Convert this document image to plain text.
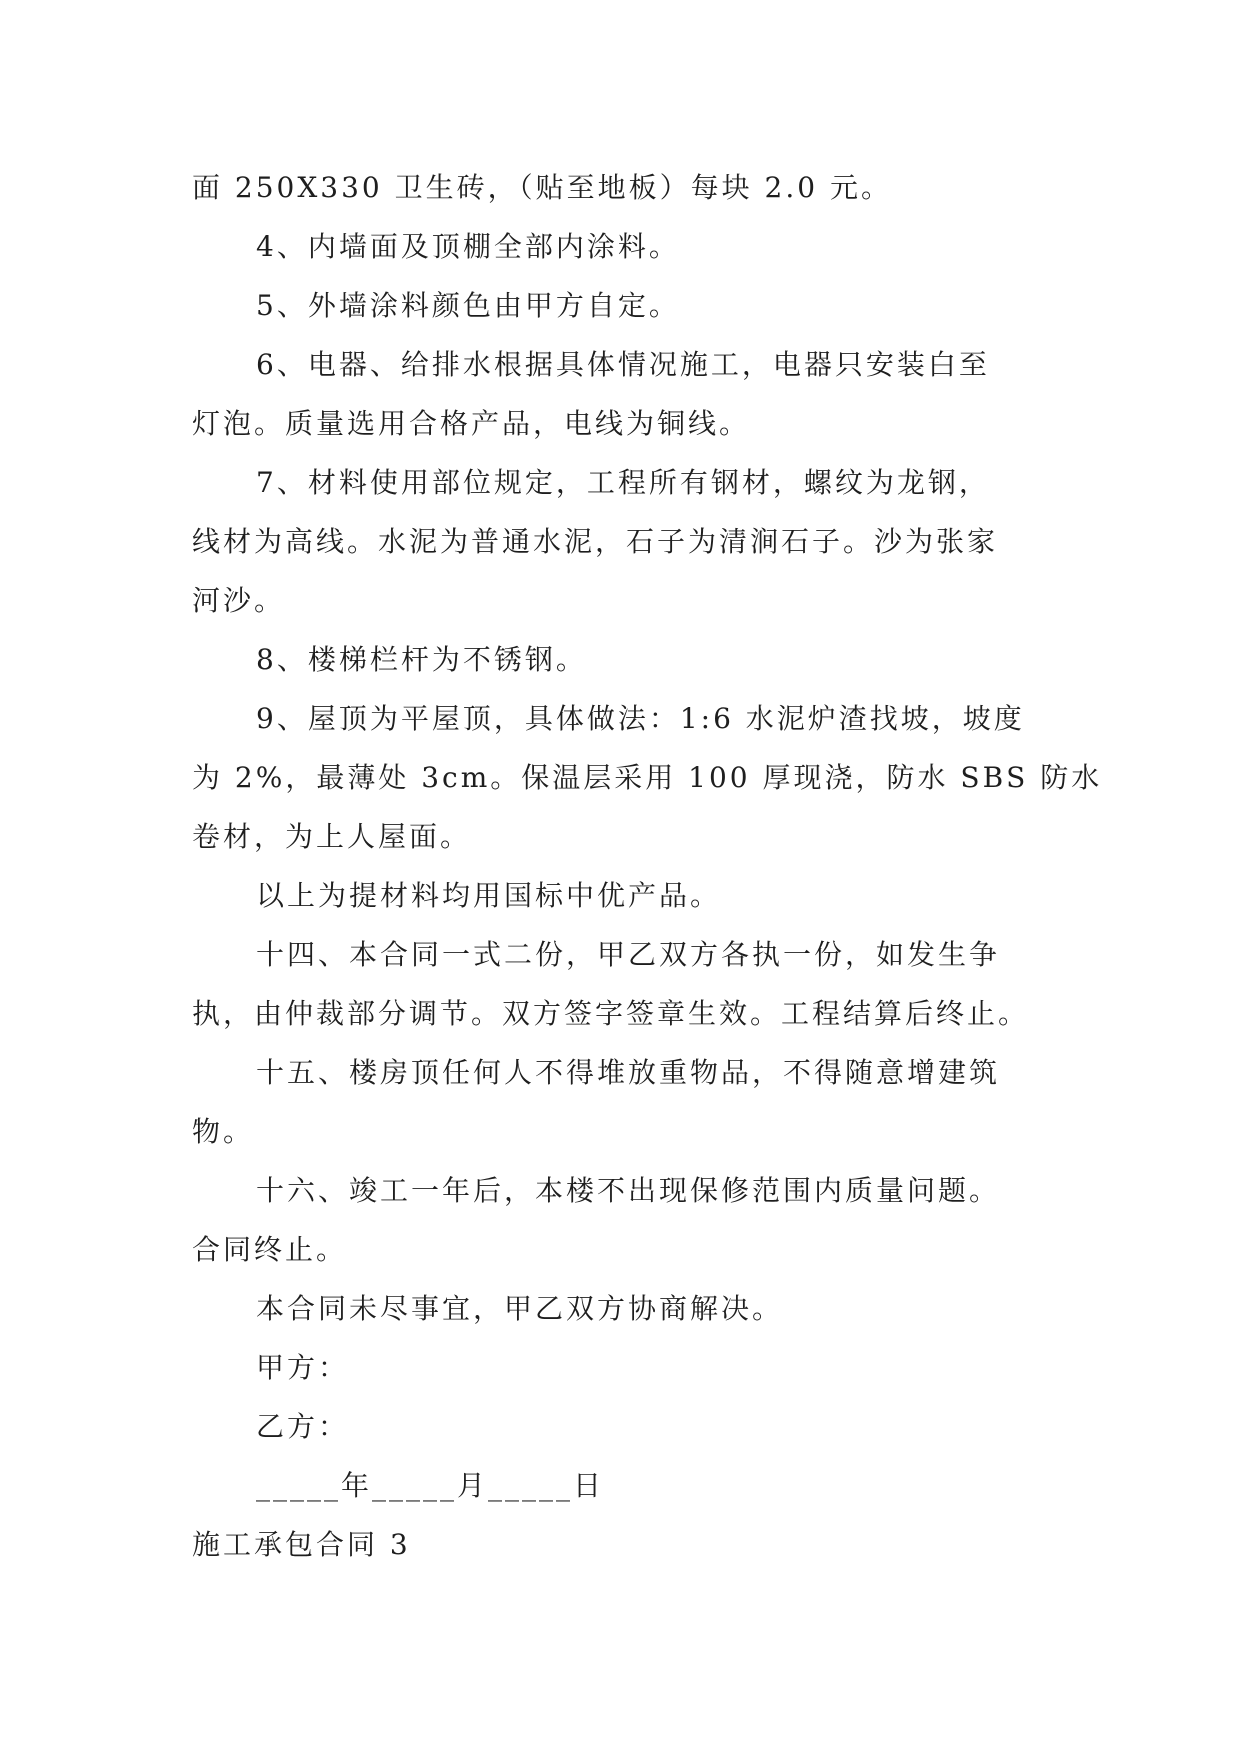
面 250X330 卫生砖，（贴至地板）每块 2.0 元。
4、内墙面及顶棚全部内涂料。
5、外墙涂料颜色由甲方自定。
6、电器、给排水根据具体情况施工，电器只安装白至
灯泡。质量选用合格产品，电线为铜线。
7、材料使用部位规定，工程所有钢材，螺纹为龙钢，
线材为高线。水泥为普通水泥，石子为清涧石子。沙为张家
河沙。
8、楼梯栏杆为不锈钢。
9、屋顶为平屋顶，具体做法：1:6 水泥炉渣找坡，坡度
为 2%，最薄处 3cm。保温层采用 100 厚现浇，防水 SBS 防水
卷材，为上人屋面。
以上为提材料均用国标中优产品。
十四、本合同一式二份，甲乙双方各执一份，如发生争
执，由仲裁部分调节。双方签字签章生效。工程结算后终止。
十五、楼房顶任何人不得堆放重物品，不得随意增建筑
物。
十六、竣工一年后，本楼不出现保修范围内质量问题。
合同终止。
本合同未尽事宜，甲乙双方协商解决。
甲方：
乙方：
_____年_____月_____日
施工承包合同 3
